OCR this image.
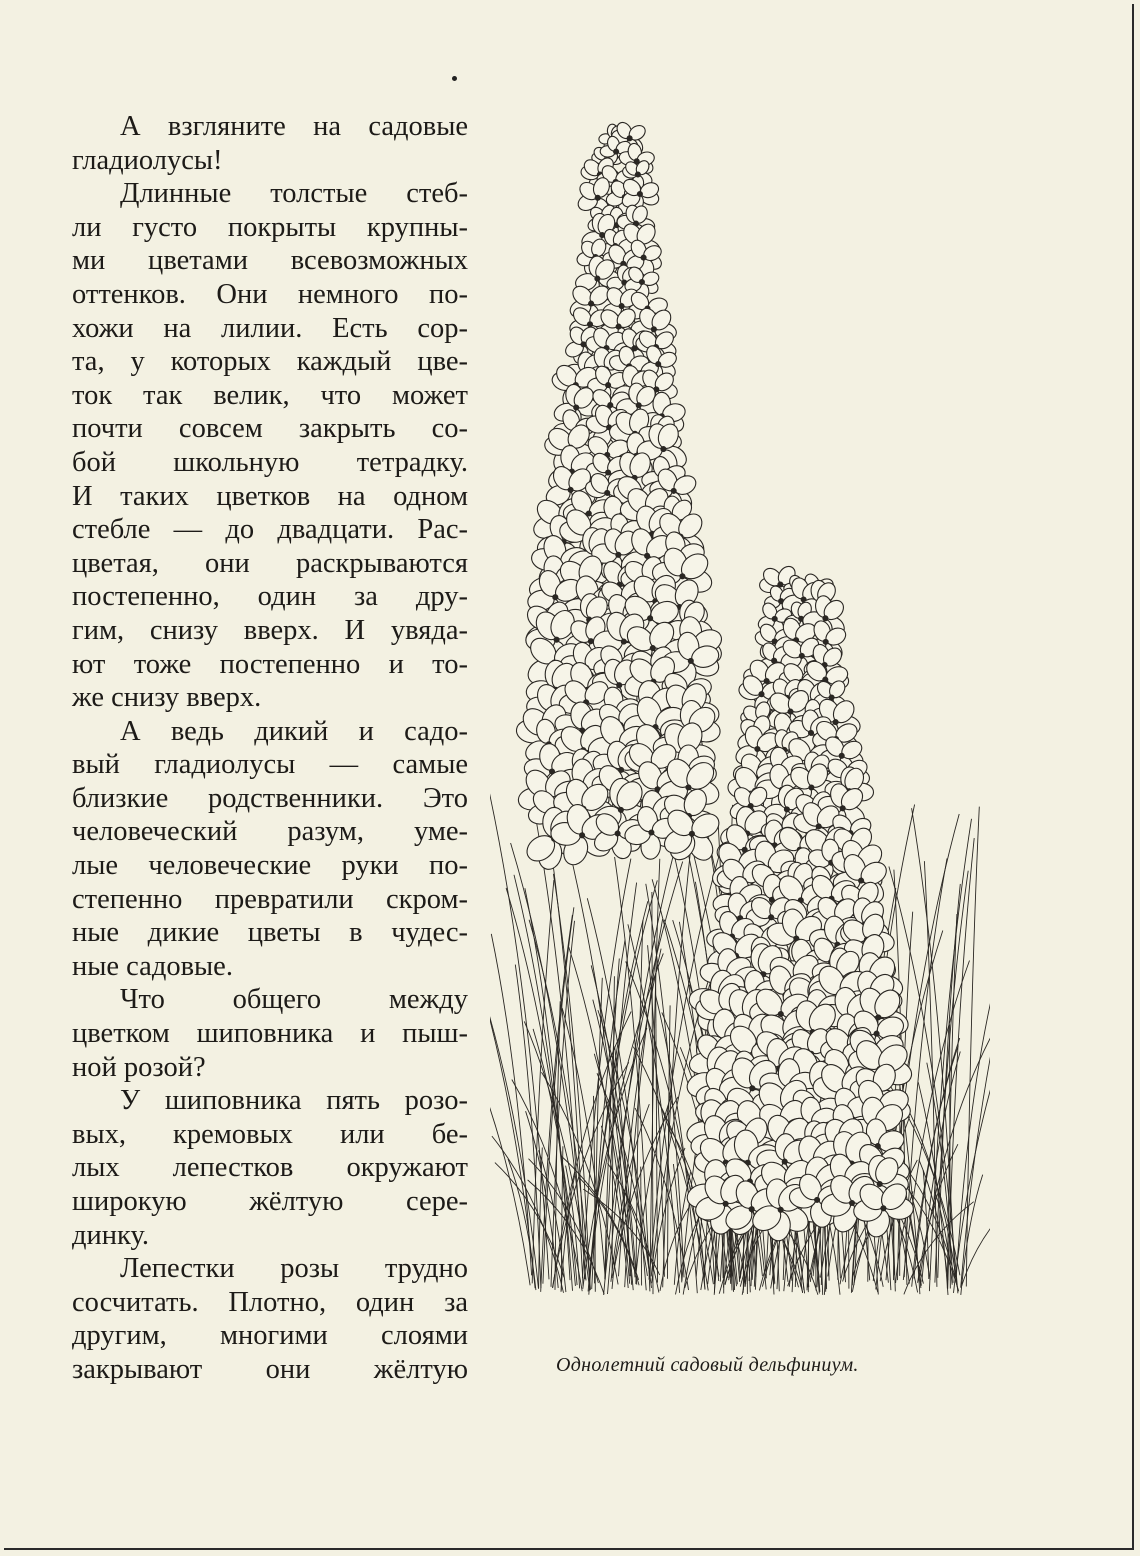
А взгляните на садовые
гладиолусы!
Длинные толстые стеб-
ли густо покрыты крупны-
ми цветами всевозможных
оттенков. Они немного по-
хожи на лилии. Есть сор-
та, у которых каждый цве-
ток так велик, что может
почти совсем закрыть со-
бой школьную тетрадку.
И таких цветков на одном
стебле — до двадцати. Рас-
цветая, они раскрываются
постепенно, один за дру-
гим, снизу вверх. И увяда-
ют тоже постепенно и то-
же снизу вверх.
А ведь дикий и садо-
вый гладиолусы — самые
близкие родственники. Это
человеческий разум, уме-
лые человеческие руки по-
степенно превратили скром-
ные дикие цветы в чудес-
ные садовые.
Что общего между
цветком шиповника и пыш-
ной розой?
У шиповника пять розо-
вых, кремовых или бе-
лых лепестков окружают
широкую жёлтую сере-
динку.
Лепестки розы трудно
сосчитать. Плотно, один за
другим, многими слоями
закрывают они жёлтую	Однолетний садовый дельфиниум.
